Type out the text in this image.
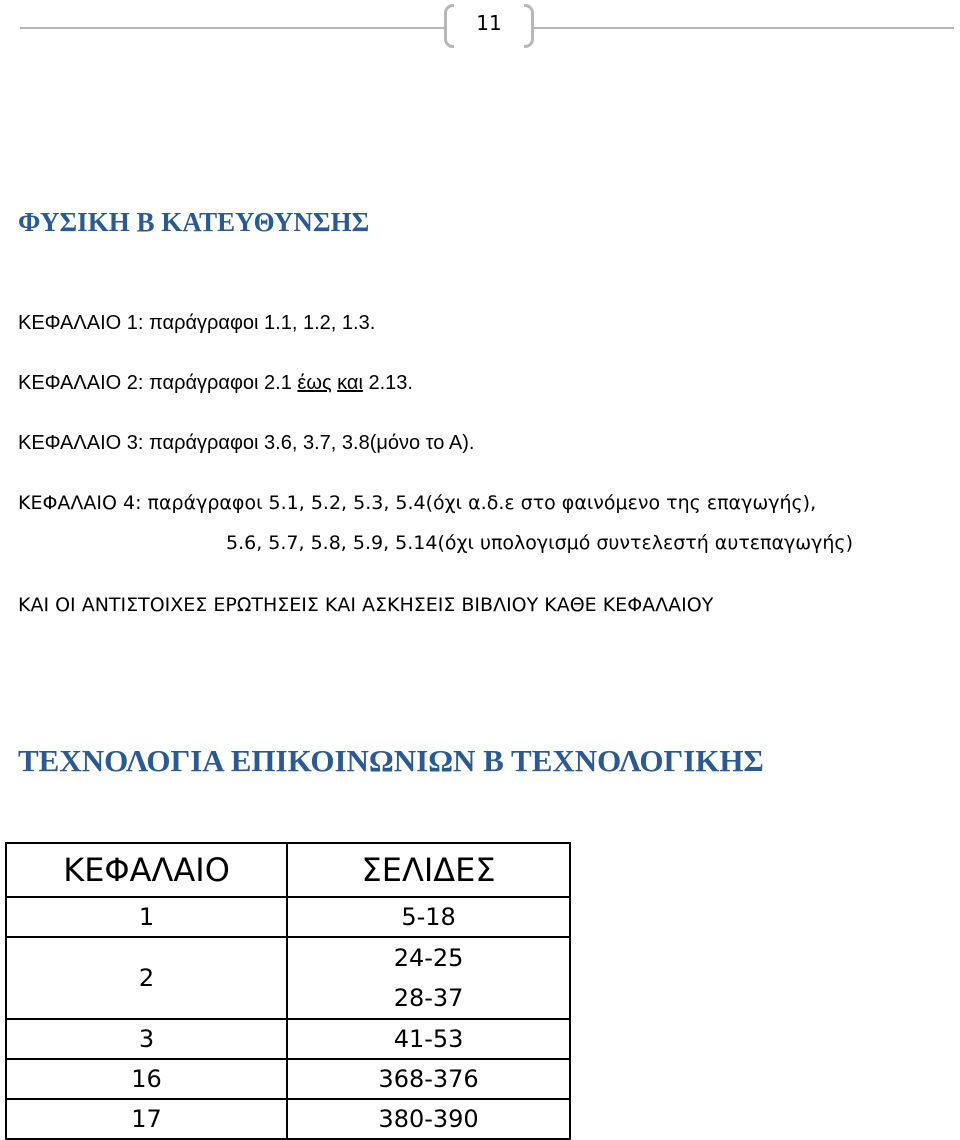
11
ΦΥΣΙΚΗ Β ΚΑΤΕΥΘΥΝΣΗΣ
ΚΕΦΑΛΑΙΟ 1: παράγραφοι 1.1, 1.2, 1.3.
ΚΕΦΑΛΑΙΟ 2: παράγραφοι 2.1 έως και 2.13.
ΚΕΦΑΛΑΙΟ 3: παράγραφοι 3.6, 3.7, 3.8(μόνο το Α).
ΚΕΦΑΛΑΙΟ 4: παράγραφοι 5.1, 5.2, 5.3, 5.4(όχι α.δ.ε στο φαινόμενο της επαγωγής),
5.6, 5.7, 5.8, 5.9, 5.14(όχι υπολογισμό συντελεστή αυτεπαγωγής)
ΚΑΙ ΟΙ ΑΝΤΙΣΤΟΙΧΕΣ ΕΡΩΤΗΣΕΙΣ ΚΑΙ ΑΣΚΗΣΕΙΣ ΒΙΒΛΙΟΥ ΚΑΘΕ ΚΕΦΑΛΑΙΟΥ
ΤΕΧΝΟΛΟΓΙΑ ΕΠΙΚΟΙΝΩΝΙΩΝ Β ΤΕΧΝΟΛΟΓΙΚΗΣ
ΚΕΦΑΛΑΙΟ	ΣΕΛΙΔΕΣ
1	5-18
2	24-25
28-37

3	41-53
16	368-376
17	380-390
